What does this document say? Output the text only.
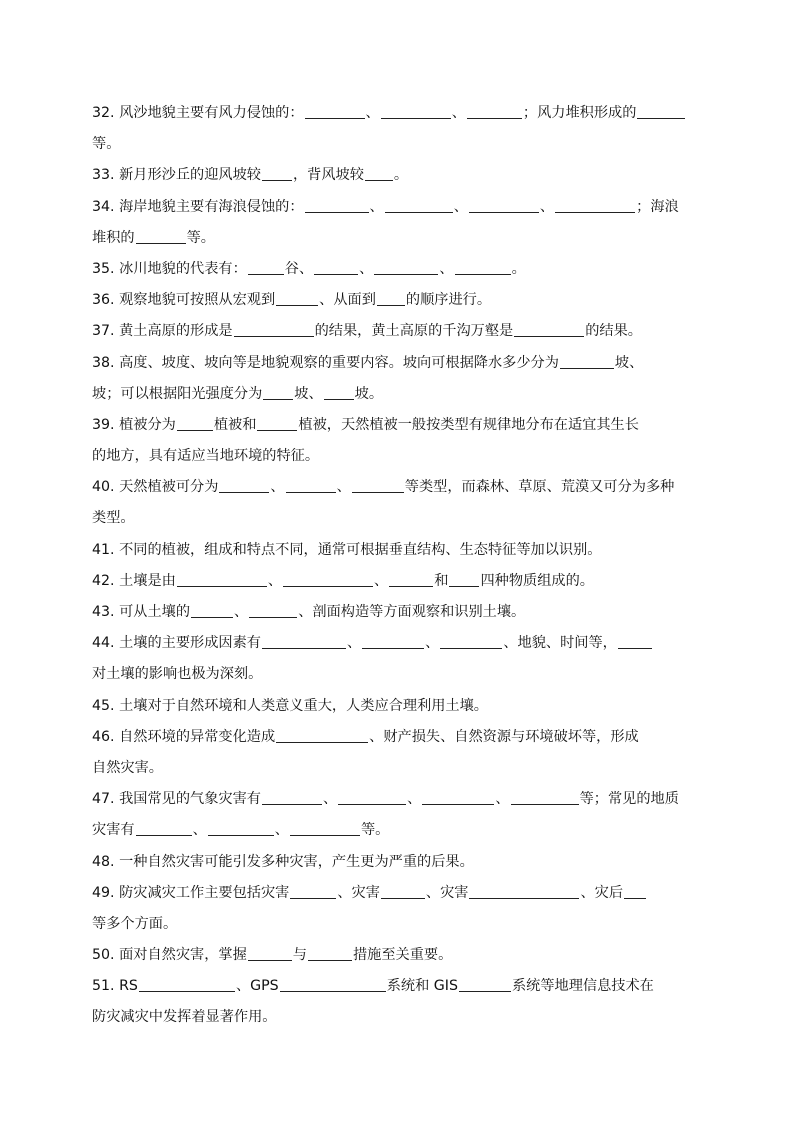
32. 风沙地貌主要有风力侵蚀的：	、	、	；风力堆积形成的
等。
33. 新月形沙丘的迎风坡较 ，背风坡较 。
34. 海岸地貌主要有海浪侵蚀的：	、	、	、	；海浪
堆积的	等。
35. 冰川地貌的代表有：	谷、	、	、	。
36. 观察地貌可按照从宏观到	、从面到 的顺序进行。
37. 黄土高原的形成是	的结果，黄土高原的千沟万壑是	的结果。
38. 高度、坡度、坡向等是地貌观察的重要内容。坡向可根据降水多少分为	坡、
坡；可以根据阳光强度分为 坡、 坡。
39. 植被分为	植被和	植被，天然植被一般按类型有规律地分布在适宜其生长
的地方，具有适应当地环境的特征。
40. 天然植被可分为	、	、	等类型，而森林、草原、荒漠又可分为多种
类型。
41. 不同的植被，组成和特点不同，通常可根据垂直结构、生态特征等加以识别。
42. 土壤是由	、	、	和 四种物质组成的。
43. 可从土壤的	、	、剖面构造等方面观察和识别土壤。
44. 土壤的主要形成因素有	、	、	、地貌、时间等，
对土壤的影响也极为深刻。
45. 土壤对于自然环境和人类意义重大，人类应合理利用土壤。
46. 自然环境的异常变化造成	、财产损失、自然资源与环境破坏等，形成
自然灾害。
47. 我国常见的气象灾害有	、	、	、	等；常见的地质
灾害有	、	、	等。
48. 一种自然灾害可能引发多种灾害，产生更为严重的后果。
49. 防灾减灾工作主要包括灾害	、灾害	、灾害	、灾后
等多个方面。
50. 面对自然灾害，掌握	与	措施至关重要。
51. RS	、GPS	系统和 GIS	系统等地理信息技术在
防灾减灾中发挥着显著作用。
